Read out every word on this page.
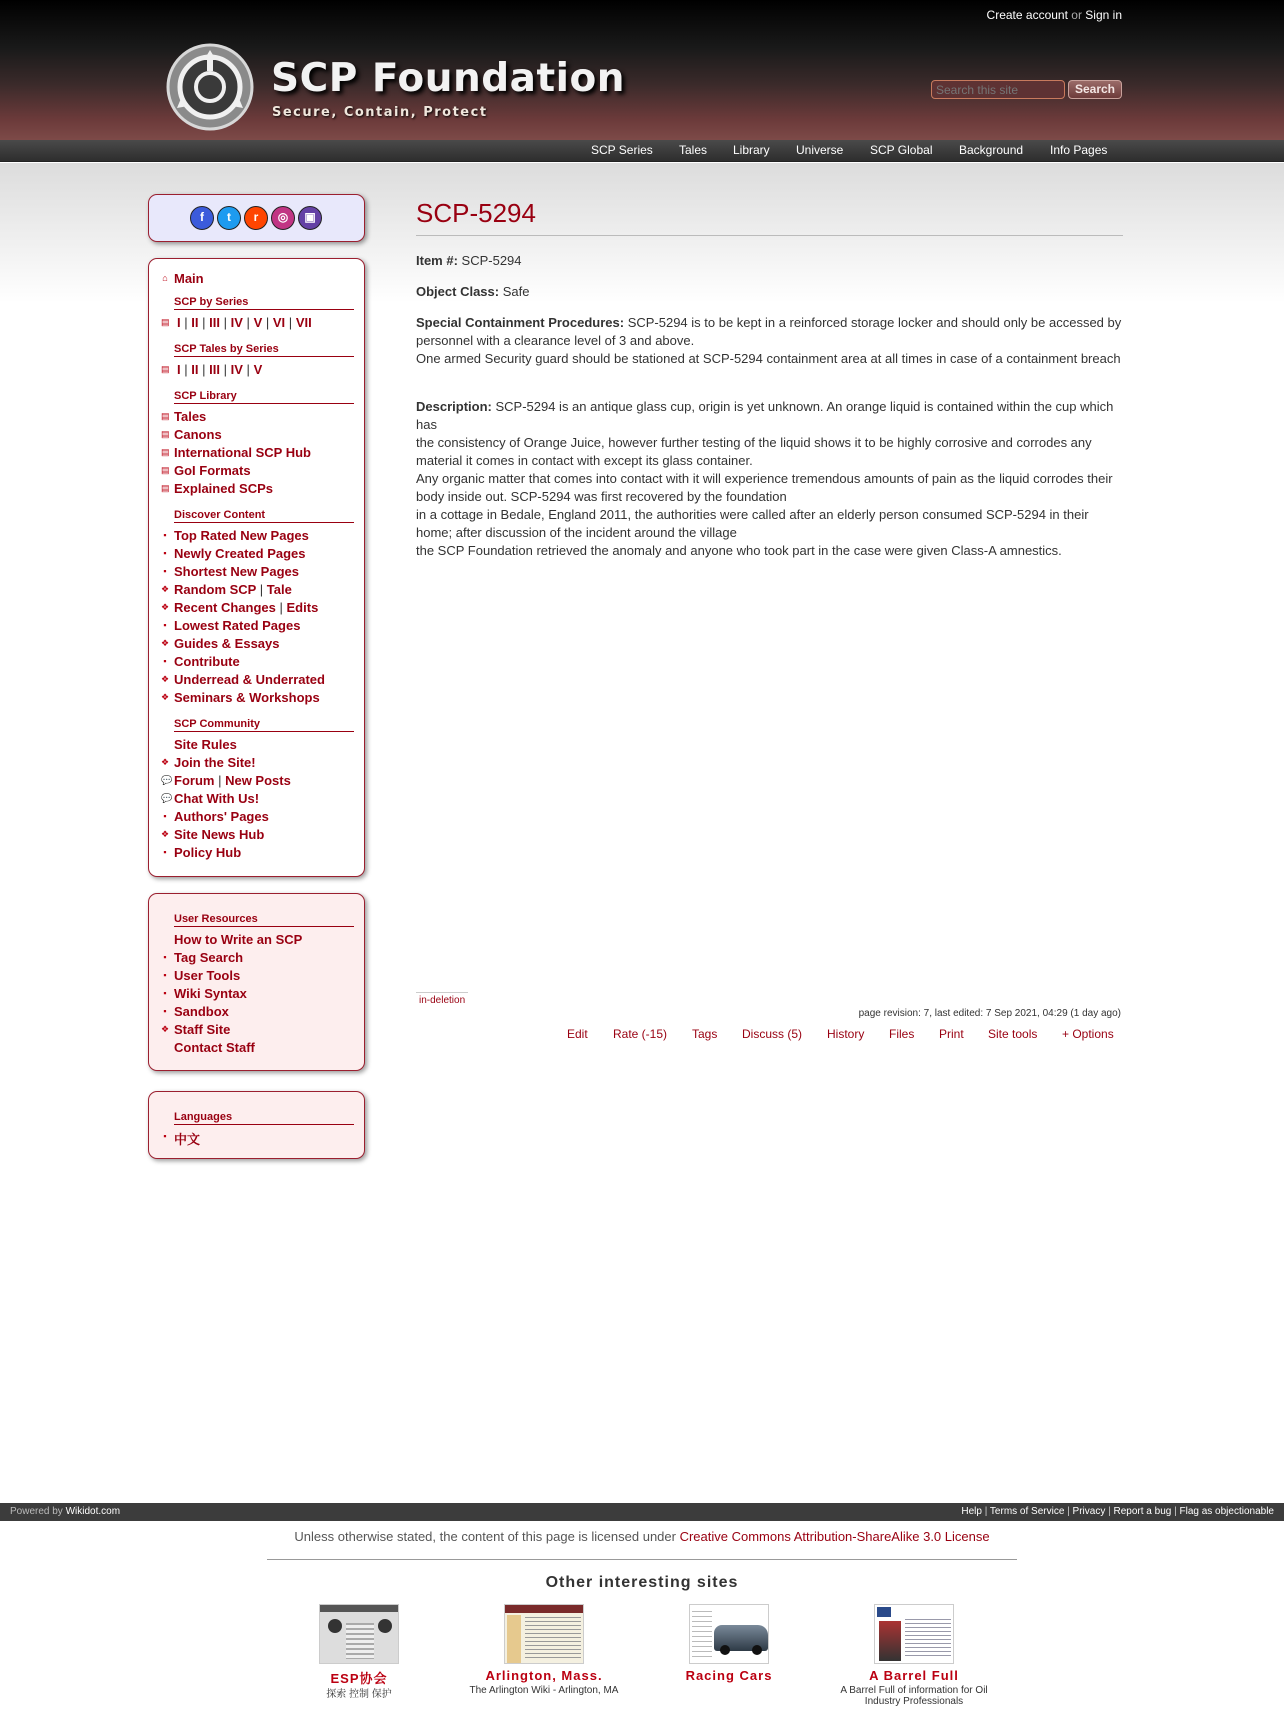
Create account or Sign in
SCP Foundation
Secure, Contain, Protect
Search this site
Search
SCP Series Tales Library Universe SCP Global Background Info Pages
f	t	r	◎	▣
⌂ Main
SCP by Series
▤ I | II | III | IV | V | VI | VII
SCP Tales by Series
▤ I | II | III | IV | V
SCP Library
▤ Tales
▤ Canons
▤ International SCP Hub
▤ GoI Formats
▤ Explained SCPs
Discover Content
▪ Top Rated New Pages
▪ Newly Created Pages
▪ Shortest New Pages
❖ Random SCP | Tale
❖ Recent Changes | Edits
▪ Lowest Rated Pages
❖ Guides & Essays
▪ Contribute
❖ Underread & Underrated
❖ Seminars & Workshops
SCP Community
Site Rules
❖ Join the Site!
💬 Forum | New Posts
💬 Chat With Us!
▪ Authors' Pages
❖ Site News Hub
▪ Policy Hub
User Resources
How to Write an SCP
▪ Tag Search
▪ User Tools
▪ Wiki Syntax
▪ Sandbox
❖ Staff Site
Contact Staff
Languages
▪ 中文
SCP-5294
Item #: SCP-5294
Object Class: Safe
Special Containment Procedures: SCP-5294 is to be kept in a reinforced storage locker and should only be accessed by personnel with a clearance level of 3 and above.
One armed Security guard should be stationed at SCP-5294 containment area at all times in case of a containment breach
Description: SCP-5294 is an antique glass cup, origin is yet unknown. An orange liquid is contained within the cup which has
the consistency of Orange Juice, however further testing of the liquid shows it to be highly corrosive and corrodes any material it comes in contact with except its glass container.
Any organic matter that comes into contact with it will experience tremendous amounts of pain as the liquid corrodes their body inside out. SCP-5294 was first recovered by the foundation
in a cottage in Bedale, England 2011, the authorities were called after an elderly person consumed SCP-5294 in their home; after discussion of the incident around the village
the SCP Foundation retrieved the anomaly and anyone who took part in the case were given Class-A amnestics.
in-deletion
page revision: 7, last edited: 7 Sep 2021, 04:29 (1 day ago)
Edit Rate (-15) Tags Discuss (5) History Files Print Site tools + Options
Powered by Wikidot.com	Help | Terms of Service | Privacy | Report a bug | Flag as objectionable
Unless otherwise stated, the content of this page is licensed under Creative Commons Attribution-ShareAlike 3.0 License
Other interesting sites
ESP协会
探索 控制 保护
Arlington, Mass.
The Arlington Wiki - Arlington, MA
Racing Cars	A Barrel Full
A Barrel Full of information for Oil Industry Professionals
